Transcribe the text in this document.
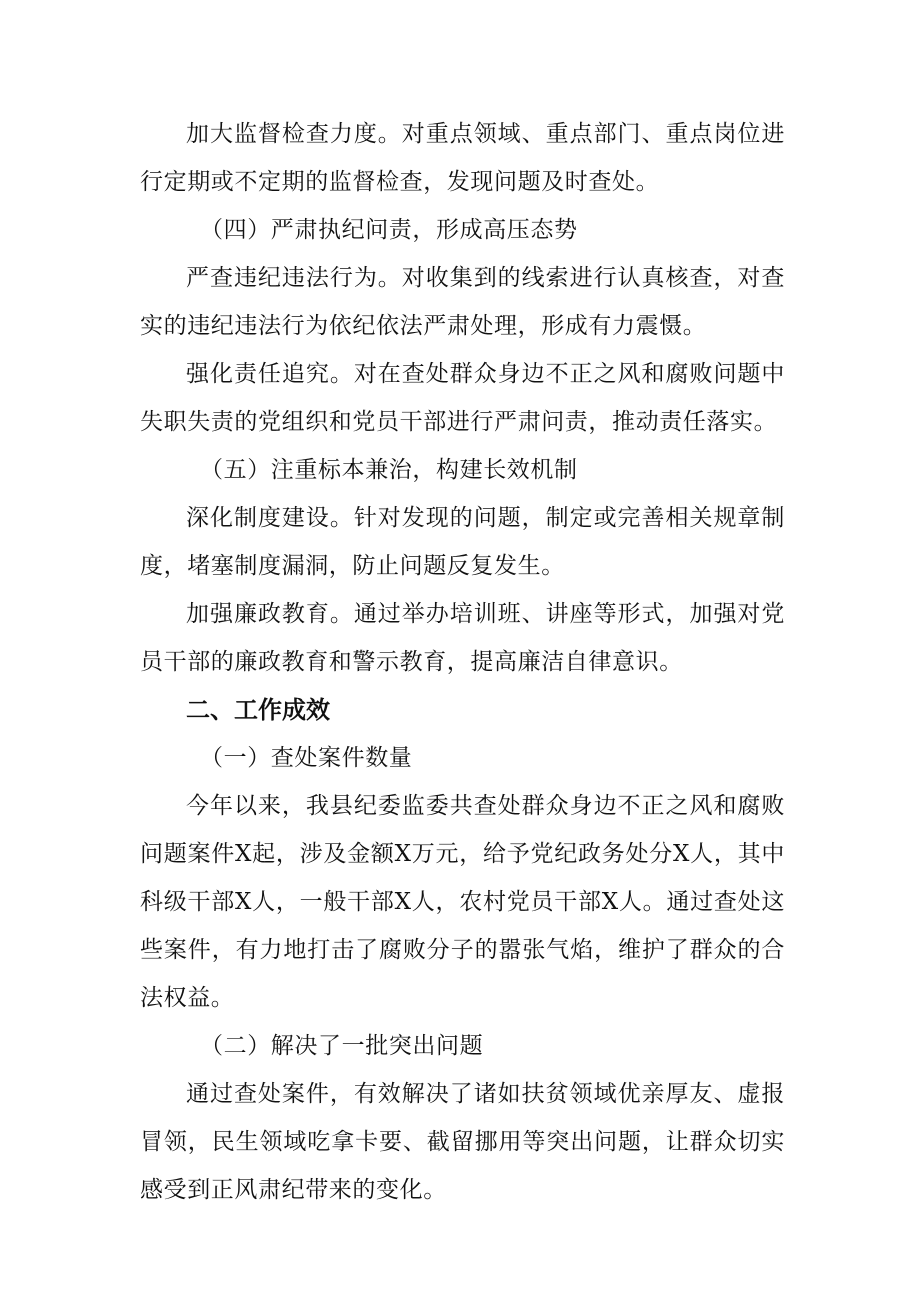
加大监督检查力度。对重点领域、重点部门、重点岗位进行定期或不定期的监督检查，发现问题及时查处。

（四）严肃执纪问责，形成高压态势

严查违纪违法行为。对收集到的线索进行认真核查，对查实的违纪违法行为依纪依法严肃处理，形成有力震慑。

强化责任追究。对在查处群众身边不正之风和腐败问题中失职失责的党组织和党员干部进行严肃问责，推动责任落实。

（五）注重标本兼治，构建长效机制

深化制度建设。针对发现的问题，制定或完善相关规章制度，堵塞制度漏洞，防止问题反复发生。

加强廉政教育。通过举办培训班、讲座等形式，加强对党员干部的廉政教育和警示教育，提高廉洁自律意识。

二、工作成效

（一）查处案件数量

今年以来，我县纪委监委共查处群众身边不正之风和腐败问题案件X起，涉及金额X万元，给予党纪政务处分X人，其中科级干部X人，一般干部X人，农村党员干部X人。通过查处这些案件，有力地打击了腐败分子的嚣张气焰，维护了群众的合法权益。

（二）解决了一批突出问题

通过查处案件，有效解决了诸如扶贫领域优亲厚友、虚报冒领，民生领域吃拿卡要、截留挪用等突出问题，让群众切实感受到正风肃纪带来的变化。
